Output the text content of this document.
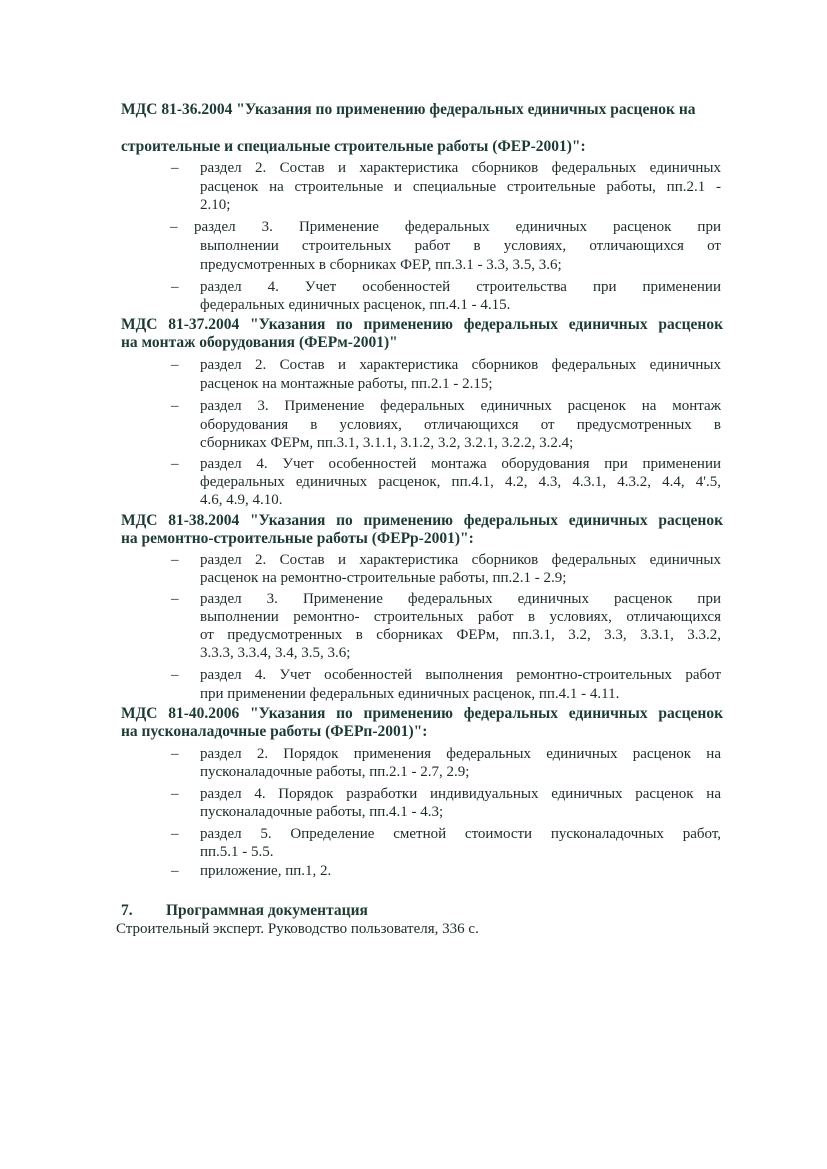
МДС 81-36.2004 "Указания по применению федеральных единичных расценок на
строительные и специальные строительные работы (ФЕР-2001)":
– раздел 2. Состав и характеристика сборников федеральных единичных
расценок на строительные и специальные строительные работы, пп.2.1 -
2.10;
– раздел 3. Применение федеральных единичных расценок при
выполнении строительных работ в условиях, отличающихся от
предусмотренных в сборниках ФЕР, пп.3.1 - 3.3, 3.5, 3.6;
– раздел 4. Учет особенностей строительства при применении
федеральных единичных расценок, пп.4.1 - 4.15.
МДС 81-37.2004 "Указания по применению федеральных единичных расценок
на монтаж оборудования (ФЕРм-2001)"
– раздел 2. Состав и характеристика сборников федеральных единичных
расценок на монтажные работы, пп.2.1 - 2.15;
– раздел 3. Применение федеральных единичных расценок на монтаж
оборудования в условиях, отличающихся от предусмотренных в
сборниках ФЕРм, пп.3.1, 3.1.1, 3.1.2, 3.2, 3.2.1, 3.2.2, 3.2.4;
– раздел 4. Учет особенностей монтажа оборудования при применении
федеральных единичных расценок, пп.4.1, 4.2, 4.3, 4.3.1, 4.3.2, 4.4, 4'.5,
4.6, 4.9, 4.10.
МДС 81-38.2004 "Указания по применению федеральных единичных расценок
на ремонтно-строительные работы (ФЕРр-2001)":
– раздел 2. Состав и характеристика сборников федеральных единичных
расценок на ремонтно-строительные работы, пп.2.1 - 2.9;
– раздел 3. Применение федеральных единичных расценок при
выполнении ремонтно- строительных работ в условиях, отличающихся
от предусмотренных в сборниках ФЕРм, пп.3.1, 3.2, 3.3, 3.3.1, 3.3.2,
3.3.3, 3.3.4, 3.4, 3.5, 3.6;
– раздел 4. Учет особенностей выполнения ремонтно-строительных работ
при применении федеральных единичных расценок, пп.4.1 - 4.11.
МДС 81-40.2006 "Указания по применению федеральных единичных расценок
на пусконаладочные работы (ФЕРп-2001)":
– раздел 2. Порядок применения федеральных единичных расценок на
пусконаладочные работы, пп.2.1 - 2.7, 2.9;
– раздел 4. Порядок разработки индивидуальных единичных расценок на
пусконаладочные работы, пп.4.1 - 4.3;
– раздел 5. Определение сметной стоимости пусконаладочных работ,
пп.5.1 - 5.5.
– приложение, пп.1, 2.
7. Программная документация
Строительный эксперт. Руководство пользователя, 336 с.
